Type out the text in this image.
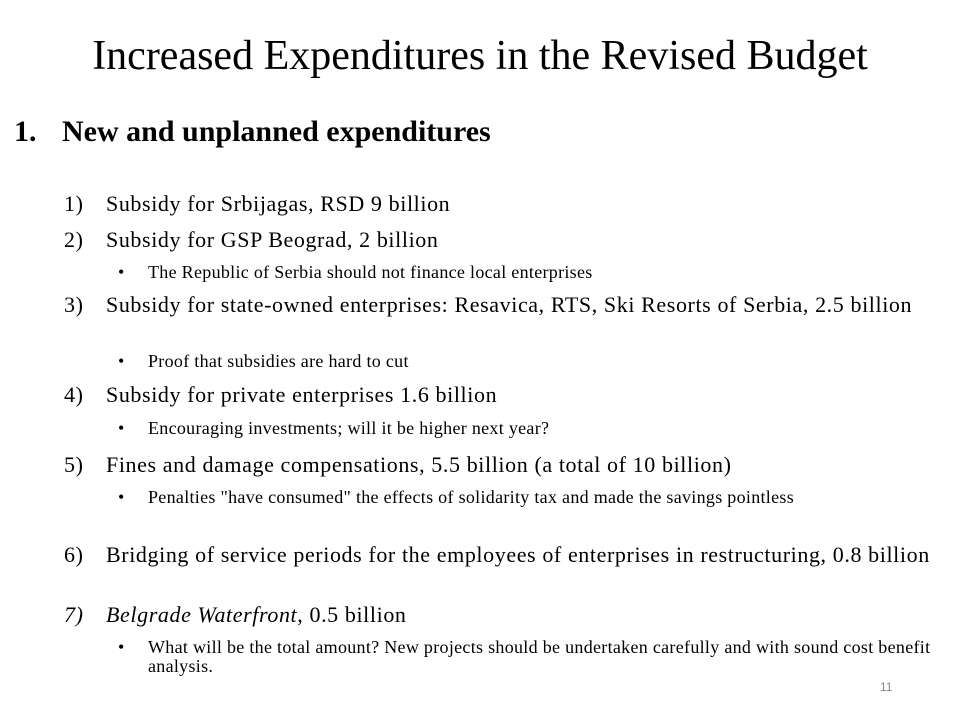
Increased Expenditures in the Revised Budget
1. New and unplanned expenditures
1) Subsidy for Srbijagas, RSD 9 billion
2) Subsidy for GSP Beograd, 2 billion
• The Republic of Serbia should not finance local enterprises
3) Subsidy for state-owned enterprises: Resavica, RTS, Ski Resorts of Serbia, 2.5 billion
• Proof that subsidies are hard to cut
4) Subsidy for private enterprises 1.6 billion
• Encouraging investments; will it be higher next year?
5) Fines and damage compensations, 5.5 billion (a total of 10 billion)
• Penalties "have consumed" the effects of solidarity tax and made the savings pointless
6) Bridging of service periods for the employees of enterprises in restructuring, 0.8 billion
7) Belgrade Waterfront, 0.5 billion
• What will be the total amount? New projects should be undertaken carefully and with sound cost benefit analysis.
11
